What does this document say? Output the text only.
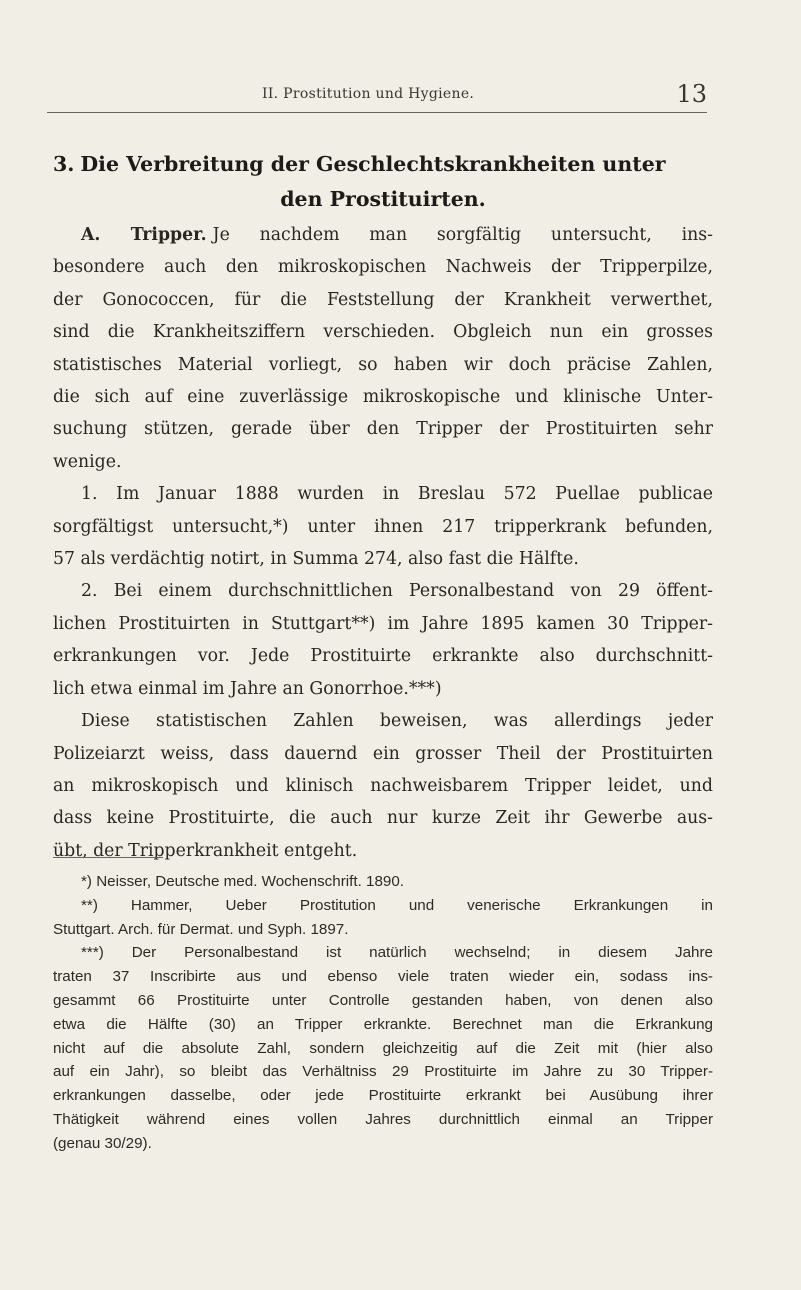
II. Prostitution und Hygiene.	13
3. Die Verbreitung der Geschlechtskrankheiten unter
den Prostituirten.
A. Tripper. Je nachdem man sorgfältig untersucht, ins-
besondere auch den mikroskopischen Nachweis der Tripperpilze,
der Gonococcen, für die Feststellung der Krankheit verwerthet,
sind die Krankheitsziffern verschieden. Obgleich nun ein grosses
statistisches Material vorliegt, so haben wir doch präcise Zahlen,
die sich auf eine zuverlässige mikroskopische und klinische Unter-
suchung stützen, gerade über den Tripper der Prostituirten sehr
wenige.
1. Im Januar 1888 wurden in Breslau 572 Puellae publicae
sorgfältigst untersucht,*) unter ihnen 217 tripperkrank befunden,
57 als verdächtig notirt, in Summa 274, also fast die Hälfte.
2. Bei einem durchschnittlichen Personalbestand von 29 öffent-
lichen Prostituirten in Stuttgart**) im Jahre 1895 kamen 30 Tripper-
erkrankungen vor. Jede Prostituirte erkrankte also durchschnitt-
lich etwa einmal im Jahre an Gonorrhoe.***)
Diese statistischen Zahlen beweisen, was allerdings jeder
Polizeiarzt weiss, dass dauernd ein grosser Theil der Prostituirten
an mikroskopisch und klinisch nachweisbarem Tripper leidet, und
dass keine Prostituirte, die auch nur kurze Zeit ihr Gewerbe aus-
übt, der Tripperkrankheit entgeht.
*) Neisser, Deutsche med. Wochenschrift. 1890.
**) Hammer, Ueber Prostitution und venerische Erkrankungen in
Stuttgart. Arch. für Dermat. und Syph. 1897.
***) Der Personalbestand ist natürlich wechselnd; in diesem Jahre
traten 37 Inscribirte aus und ebenso viele traten wieder ein, sodass ins-
gesammt 66 Prostituirte unter Controlle gestanden haben, von denen also
etwa die Hälfte (30) an Tripper erkrankte. Berechnet man die Erkrankung
nicht auf die absolute Zahl, sondern gleichzeitig auf die Zeit mit (hier also
auf ein Jahr), so bleibt das Verhältniss 29 Prostituirte im Jahre zu 30 Tripper-
erkrankungen dasselbe, oder jede Prostituirte erkrankt bei Ausübung ihrer
Thätigkeit während eines vollen Jahres durchnittlich einmal an Tripper
(genau 30/29).
